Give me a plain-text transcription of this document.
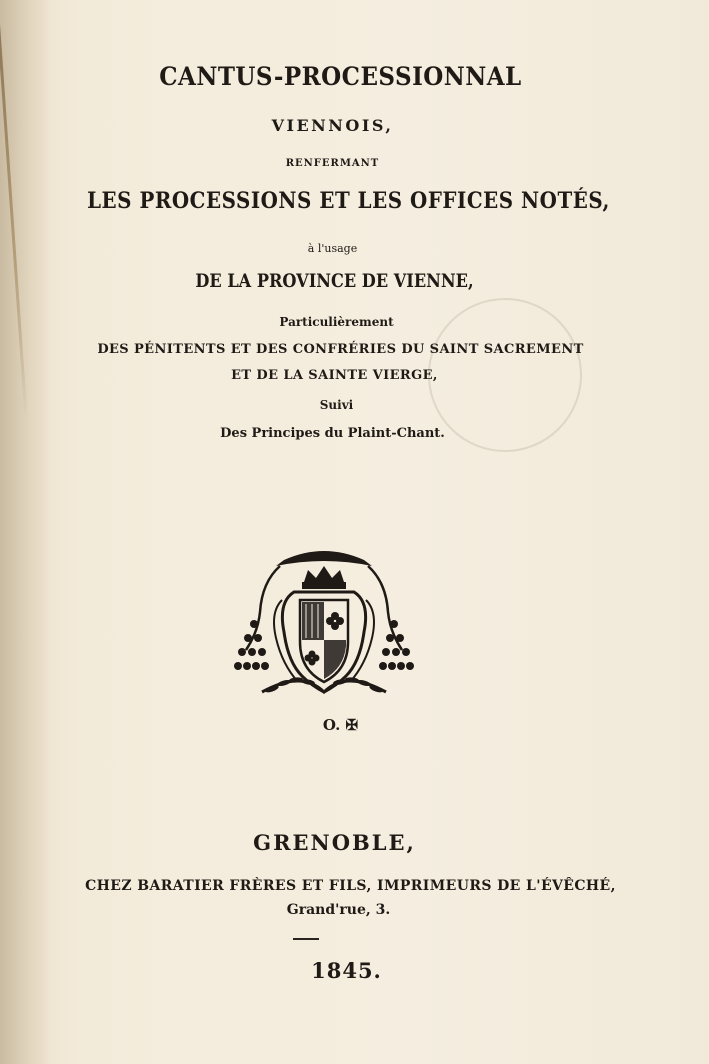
CANTUS-PROCESSIONNAL
VIENNOIS,
RENFERMANT
LES PROCESSIONS ET LES OFFICES NOTÉS,
à l'usage
DE LA PROVINCE DE VIENNE,
Particulièrement
DES PÉNITENTS ET DES CONFRÉRIES DU SAINT SACREMENT
ET DE LA SAINTE VIERGE,
Suivi
Des Principes du Plaint-Chant.
O. ✠
GRENOBLE,
CHEZ BARATIER FRÈRES ET FILS, IMPRIMEURS DE L'ÉVÊCHÉ,
Grand'rue, 3.
1845.
